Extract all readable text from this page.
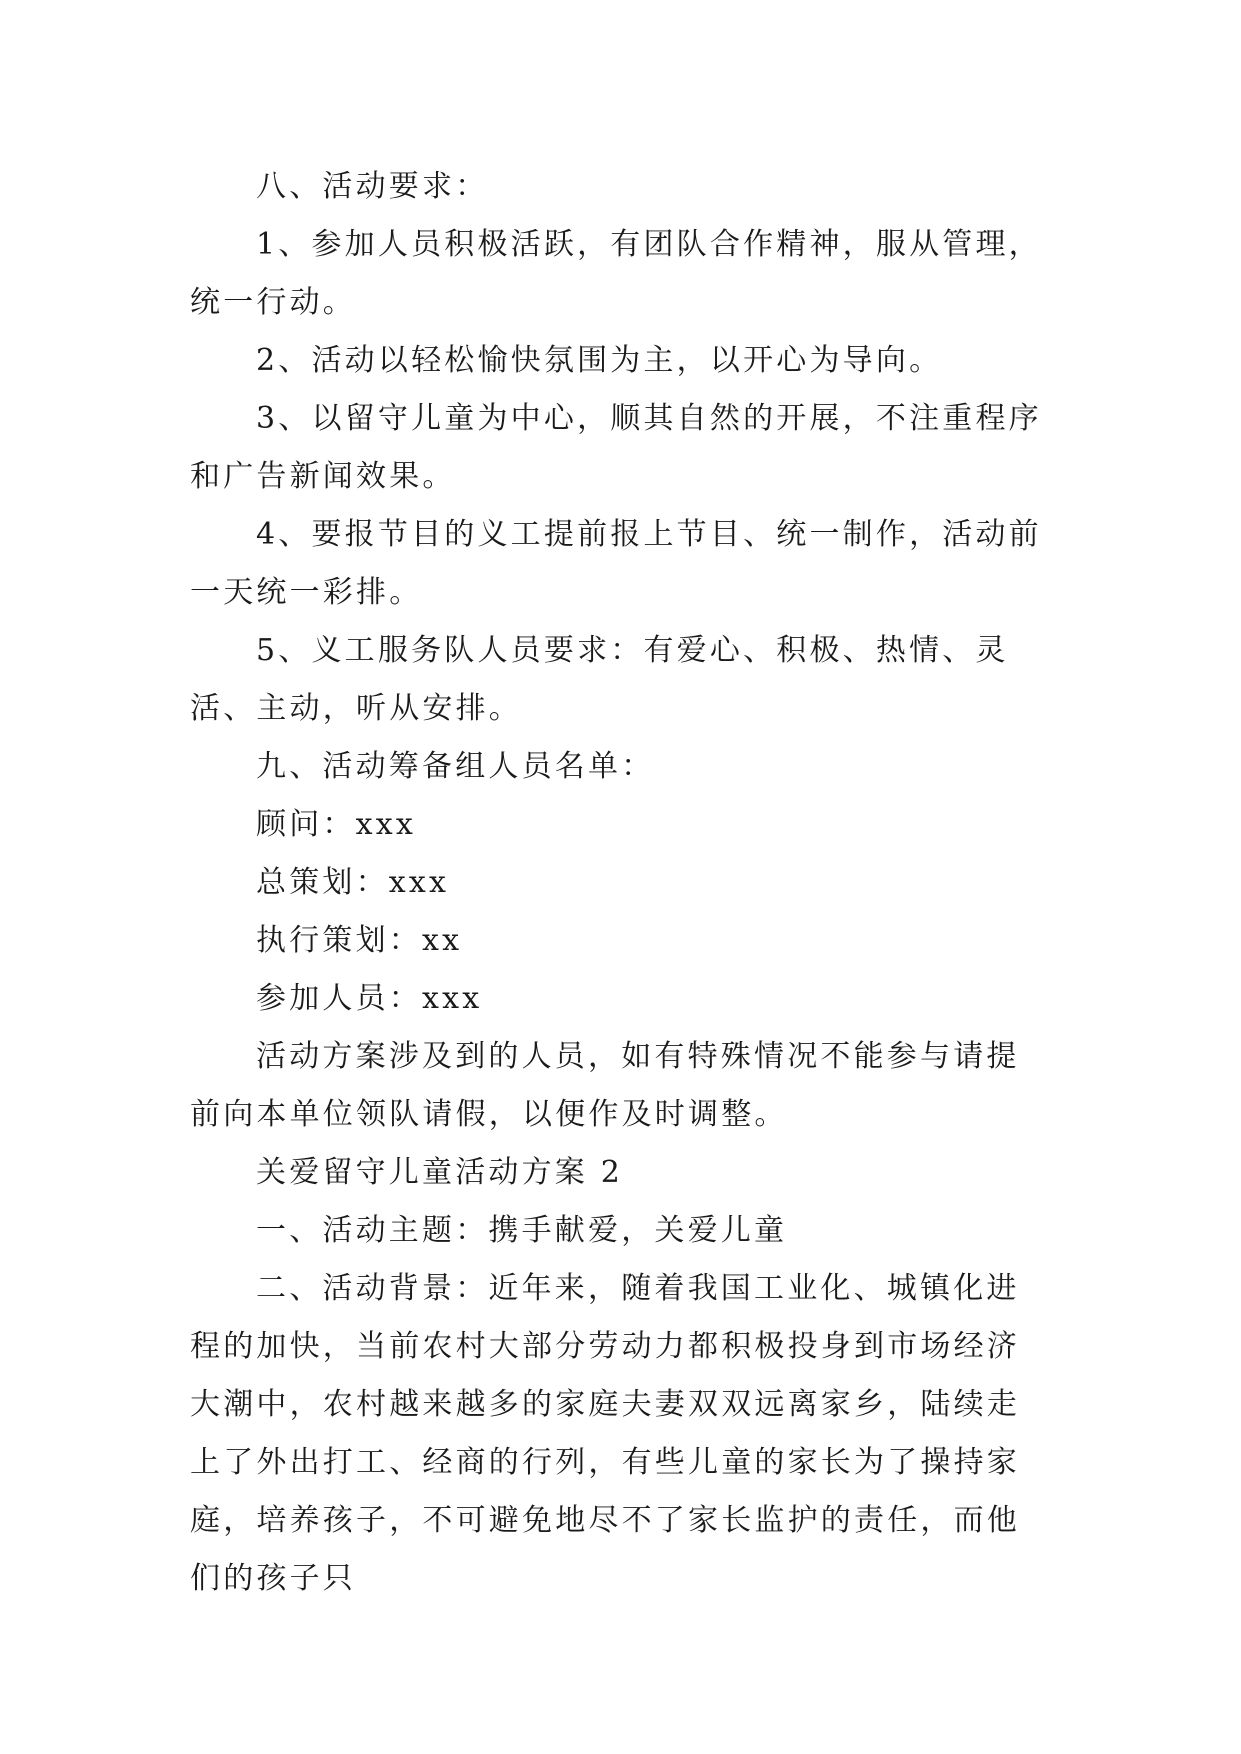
八、活动要求：

1、参加人员积极活跃，有团队合作精神，服从管理，统一行动。

2、活动以轻松愉快氛围为主，以开心为导向。

3、以留守儿童为中心，顺其自然的开展，不注重程序和广告新闻效果。

4、要报节目的义工提前报上节目、统一制作，活动前一天统一彩排。

5、义工服务队人员要求：有爱心、积极、热情、灵活、主动，听从安排。

九、活动筹备组人员名单：

顾问：xxx

总策划：xxx

执行策划：xx

参加人员：xxx

活动方案涉及到的人员，如有特殊情况不能参与请提前向本单位领队请假，以便作及时调整。

关爱留守儿童活动方案 2

一、活动主题：携手献爱，关爱儿童

二、活动背景：近年来，随着我国工业化、城镇化进程的加快，当前农村大部分劳动力都积极投身到市场经济大潮中，农村越来越多的家庭夫妻双双远离家乡，陆续走上了外出打工、经商的行列，有些儿童的家长为了操持家庭，培养孩子，不可避免地尽不了家长监护的责任，而他们的孩子只
